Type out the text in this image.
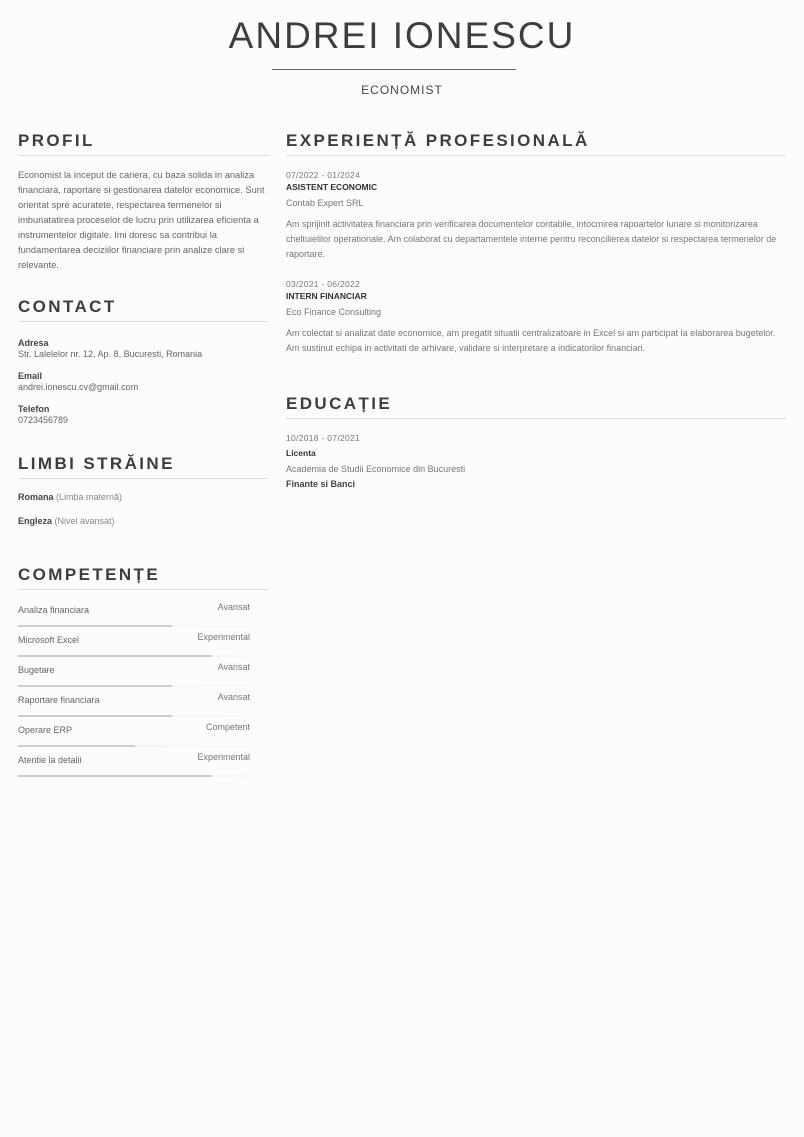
ANDREI IONESCU
ECONOMIST
PROFIL
Economist la inceput de cariera, cu baza solida in analiza financiara, raportare si gestionarea datelor economice. Sunt orientat spre acuratete, respectarea termenelor si imbunatatirea proceselor de lucru prin utilizarea eficienta a instrumentelor digitale. Imi doresc sa contribui la fundamentarea deciziilor financiare prin analize clare si relevante.
CONTACT
Adresa
Str. Lalelelor nr. 12, Ap. 8, Bucuresti, Romania
Email
andrei.ionescu.cv@gmail.com
Telefon
0723456789
LIMBI STRĂINE
Romana (Limba maternă)
Engleza (Nivel avansat)
COMPETENȚE
Analiza financiara	Avansat
Microsoft Excel	Experimental
Bugetare	Avansat
Raportare financiara	Avansat
Operare ERP	Competent
Atentie la detalii	Experimental
EXPERIENȚĂ PROFESIONALĂ
07/2022 - 01/2024
ASISTENT ECONOMIC
Contab Expert SRL
Am sprijinit activitatea financiara prin verificarea documentelor contabile, intocmirea rapoartelor lunare si monitorizarea cheltuielilor operationale. Am colaborat cu departamentele interne pentru reconcilierea datelor si respectarea termenelor de raportare.
03/2021 - 06/2022
INTERN FINANCIAR
Eco Finance Consulting
Am colectat si analizat date economice, am pregatit situatii centralizatoare in Excel si am participat la elaborarea bugetelor. Am sustinut echipa in activitati de arhivare, validare si interpretare a indicatorilor financiari.
EDUCAȚIE
10/2018 - 07/2021
Licenta
Academia de Studii Economice din Bucuresti
Finante si Banci
